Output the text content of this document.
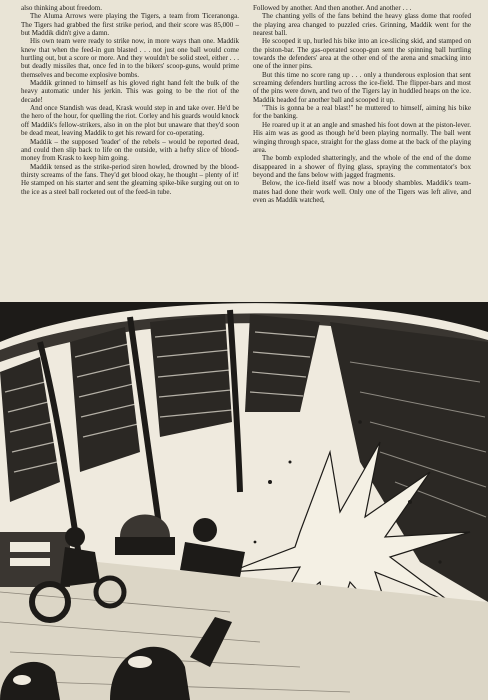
also thinking about freedom.

The Aluma Arrows were playing the Tigers, a team from Ticeranonga. The Tigers had grabbed the first strike period, and their score was 85,000 – but Maddik didn't give a damn.

His own team were ready to strike now, in more ways than one. Maddik knew that when the feed-in gun blasted . . . not just one ball would come hurtling out, but a score or more. And they wouldn't be solid steel, either . . . but deadly missiles that, once fed in to the bikers' scoop-guns, would prime themselves and become explosive bombs.

Maddik grinned to himself as his gloved right hand felt the bulk of the heavy automatic under his jerkin. This was going to be the riot of the decade!

And once Standish was dead, Krask would step in and take over. He'd be the hero of the hour, for quelling the riot. Corley and his guards would knock off Maddik's fellow-strikers, also in on the plot but unaware that they'd soon be dead meat, leaving Maddik to get his reward for co-operating.

Maddik – the supposed 'leader' of the rebels – would be reported dead, and could then slip back to life on the outside, with a hefty slice of blood-money from Krask to keep him going.

Maddik tensed as the strike-period siren howled, drowned by the blood-thirsty screams of the fans. They'd get blood okay, he thought – plenty of it! He stamped on his starter and sent the gleaming spike-bike surging out on to the ice as a steel ball rocketed out of the feed-in tube.

Followed by another. And then another. And another . . .

The chanting yells of the fans behind the heavy glass dome that roofed the playing area changed to puzzled cries. Grinning, Maddik went for the nearest ball.

He scooped it up, hurled his bike into an ice-slicing skid, and stamped on the piston-bar. The gas-operated scoop-gun sent the spinning ball hurtling towards the defenders' area at the other end of the arena and smacking into one of the inner pins.

But this time no score rang up . . . only a thunderous explosion that sent screaming defenders hurtling across the ice-field. The flipper-bars and most of the pins were down, and two of the Tigers lay in huddled heaps on the ice. Maddik headed for another ball and scooped it up.

"This is gonna be a real blast!" he muttered to himself, aiming his bike for the banking.

He roared up it at an angle and smashed his foot down at the piston-lever. His aim was as good as though he'd been playing normally. The ball went winging through space, straight for the glass dome at the back of the playing area.

The bomb exploded shatteringly, and the whole of the end of the dome disappeared in a shower of flying glass, spraying the commentator's box beyond and the fans below with jagged fragments.

Below, the ice-field itself was now a bloody shambles. Maddik's team-mates had done their work well. Only one of the Tigers was left alive, and even as Maddik watched,
